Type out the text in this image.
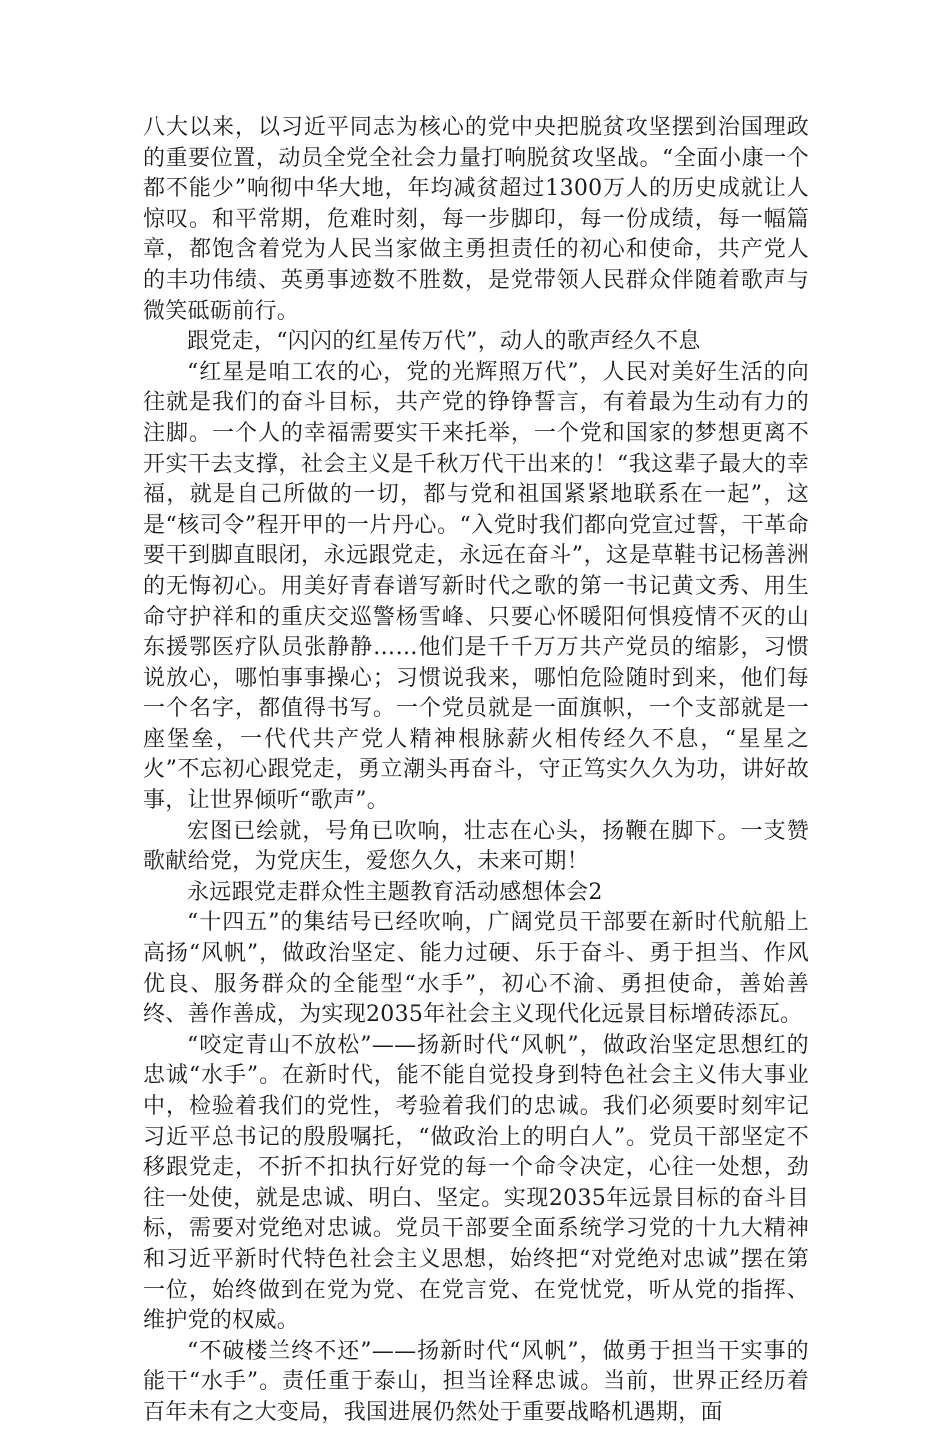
八大以来，以习近平同志为核心的党中央把脱贫攻坚摆到治国理政的重要位置，动员全党全社会力量打响脱贫攻坚战。“全面小康一个都不能少”响彻中华大地，年均减贫超过1300万人的历史成就让人惊叹。和平常期，危难时刻，每一步脚印，每一份成绩，每一幅篇章，都饱含着党为人民当家做主勇担责任的初心和使命，共产党人的丰功伟绩、英勇事迹数不胜数，是党带领人民群众伴随着歌声与微笑砥砺前行。

跟党走，“闪闪的红星传万代”，动人的歌声经久不息

“红星是咱工农的心，党的光辉照万代”，人民对美好生活的向往就是我们的奋斗目标，共产党的铮铮誓言，有着最为生动有力的注脚。一个人的幸福需要实干来托举，一个党和国家的梦想更离不开实干去支撑，社会主义是千秋万代干出来的！“我这辈子最大的幸福，就是自己所做的一切，都与党和祖国紧紧地联系在一起”，这是“核司令”程开甲的一片丹心。“入党时我们都向党宣过誓，干革命要干到脚直眼闭，永远跟党走，永远在奋斗”，这是草鞋书记杨善洲的无悔初心。用美好青春谱写新时代之歌的第一书记黄文秀、用生命守护祥和的重庆交巡警杨雪峰、只要心怀暖阳何惧疫情不灭的山东援鄂医疗队员张静静……他们是千千万万共产党员的缩影，习惯说放心，哪怕事事操心；习惯说我来，哪怕危险随时到来，他们每一个名字，都值得书写。一个党员就是一面旗帜，一个支部就是一座堡垒，一代代共产党人精神根脉薪火相传经久不息，“星星之火”不忘初心跟党走，勇立潮头再奋斗，守正笃实久久为功，讲好故事，让世界倾听“歌声”。

宏图已绘就，号角已吹响，壮志在心头，扬鞭在脚下。一支赞歌献给党，为党庆生，爱您久久，未来可期！

永远跟党走群众性主题教育活动感想体会2

“十四五”的集结号已经吹响，广阔党员干部要在新时代航船上高扬“风帆”，做政治坚定、能力过硬、乐于奋斗、勇于担当、作风优良、服务群众的全能型“水手”，初心不渝、勇担使命，善始善终、善作善成，为实现2035年社会主义现代化远景目标增砖添瓦。

“咬定青山不放松”——扬新时代“风帆”，做政治坚定思想红的忠诚“水手”。在新时代，能不能自觉投身到特色社会主义伟大事业中，检验着我们的党性，考验着我们的忠诚。我们必须要时刻牢记习近平总书记的殷殷嘱托，“做政治上的明白人”。党员干部坚定不移跟党走，不折不扣执行好党的每一个命令决定，心往一处想，劲往一处使，就是忠诚、明白、坚定。实现2035年远景目标的奋斗目标，需要对党绝对忠诚。党员干部要全面系统学习党的十九大精神和习近平新时代特色社会主义思想，始终把“对党绝对忠诚”摆在第一位，始终做到在党为党、在党言党、在党忧党，听从党的指挥、维护党的权威。

“不破楼兰终不还”——扬新时代“风帆”，做勇于担当干实事的能干“水手”。责任重于泰山，担当诠释忠诚。当前，世界正经历着百年未有之大变局，我国进展仍然处于重要战略机遇期，面
